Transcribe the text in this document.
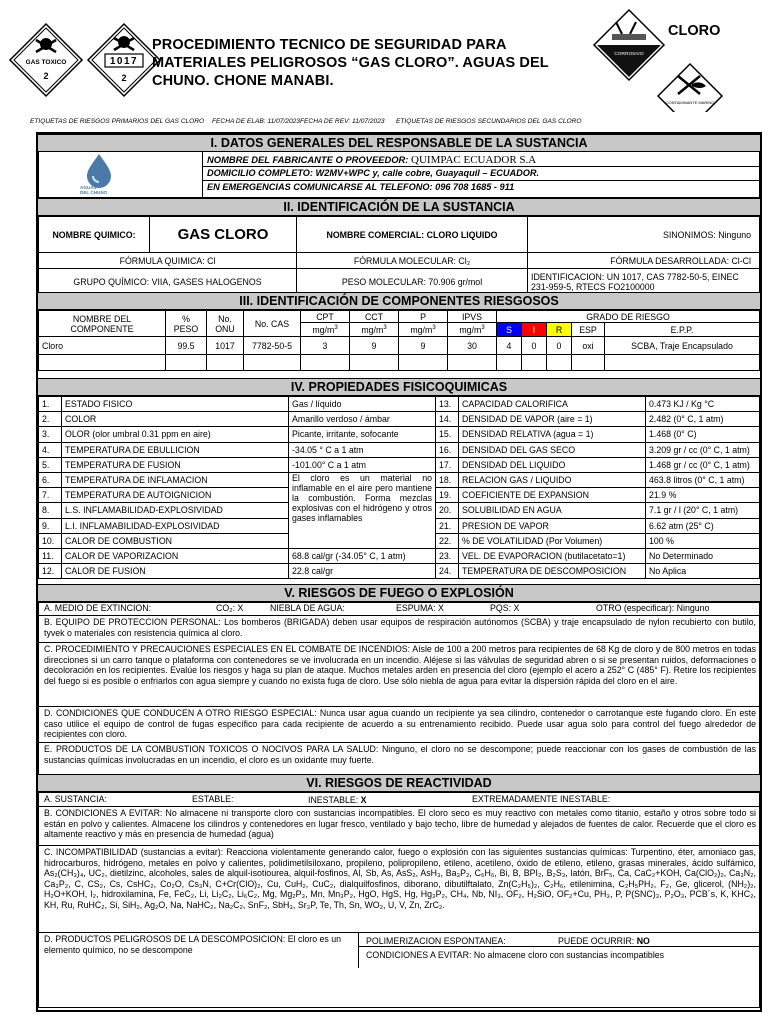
GAS TOXICO
2
1017
2
PROCEDIMIENTO TECNICO DE SEGURIDAD PARA MATERIALES PELIGROSOS “GAS CLORO”. AGUAS DEL CHUNO. CHONE MANABI.
CORROSIVO
CLORO
CONTAMINANTE MARINO
ETIQUETAS DE RIESGOS PRIMARIOS DEL GAS CLORO FECHA DE ELAB: 11/07/2023 FECHA DE REV: 11/07/2023 ETIQUETAS DE RIESGOS SECUNDARIOS DEL GAS CLORO
I. DATOS GENERALES DEL RESPONSABLE DE LA SUSTANCIA
AGUAS
DEL CHUNO
NOMBRE DEL FABRICANTE O PROVEEDOR: QUIMPAC ECUADOR S.A
DOMICILIO COMPLETO: W2MV+WPC y, calle cobre, Guayaquil – ECUADOR.
EN EMERGENCIAS COMUNICARSE AL TELEFONO: 096 708 1685 - 911
II. IDENTIFICACIÓN DE LA SUSTANCIA
NOMBRE QUIMICO:	GAS CLORO	NOMBRE COMERCIAL: CLORO LIQUIDO	SINONIMOS: Ninguno
FÓRMULA QUIMICA: Cl		FÓRMULA MOLECULAR: Cl₂	FÓRMULA DESARROLLADA: Cl-Cl
GRUPO QUÍMICO: VIIA, GASES HALOGENOS		PESO MOLECULAR: 70.906 gr/mol	IDENTIFICACION: UN 1017, CAS 7782-50-5, EINEC 231-959-5, RTECS FO2100000
III. IDENTIFICACIÓN DE COMPONENTES RIESGOSOS
NOMBRE DEL COMPONENTE	% PESO	No. ONU	No. CAS	CPT	CCT	P	IPVS	GRADO DE RIESGO				
				$mg/m^3$	$mg/m^3$	$mg/m^3$	$mg/m^3$	S	I	R	ESP	E.P.P.
Cloro	99.5	1017	7782-50-5	3	9	9	30	4	0	0	oxi	SCBA, Traje Encapsulado

IV. PROPIEDADES FISICOQUIMICAS
1.	ESTADO FISICO	Gas / líquido	13.	CAPACIDAD CALORIFICA	0.473 KJ / Kg °C
2.	COLOR	Amarillo verdoso / ámbar	14.	DENSIDAD DE VAPOR (aire = 1)	2.482 (0° C, 1 atm)
3.	OLOR (olor umbral 0.31 ppm en aire)	Picante, irritante, sofocante	15.	DENSIDAD RELATIVA (agua = 1)	1.468 (0° C)
4.	TEMPERATURA DE EBULLICION	-34.05 ° C a 1 atm	16.	DENSIDAD DEL GAS SECO	3.209 gr / cc (0° C, 1 atm)
5.	TEMPERATURA DE FUSION	-101.00° C a 1 atm	17.	DENSIDAD DEL LIQUIDO	1.468 gr / cc (0° C, 1 atm)
6.	TEMPERATURA DE INFLAMACION	El cloro es un material no inflamable en el aire pero mantiene la combustión. Forma mezclas explosivas con el hidrógeno y otros gases inflamables	18.	RELACION GAS / LIQUIDO	463.8 litros (0° C, 1 atm)
7.	TEMPERATURA DE AUTOIGNICION		19.	COEFICIENTE DE EXPANSION	21.9 %
8.	L.S. INFLAMABILIDAD-EXPLOSIVIDAD		20.	SOLUBILIDAD EN AGUA	7.1 gr / l (20° C, 1 atm)
9.	L.I. INFLAMABILIDAD-EXPLOSIVIDAD		21.	PRESION DE VAPOR	6.62 atm (25° C)
10.	CALOR DE COMBUSTION		22.	% DE VOLATILIDAD (Por Volumen)	100 %
11.	CALOR DE VAPORIZACION	68.8 cal/gr (-34.05° C, 1 atm)	23.	VEL. DE EVAPORACION (butilacetato=1)	No Determinado
12.	CALOR DE FUSION	22.8 cal/gr	24.	TEMPERATURA DE DESCOMPOSICION	No Aplica
V. RIESGOS DE FUEGO O EXPLOSIÓN
A. MEDIO DE EXTINCION:	CO₂: X	NIEBLA DE AGUA:	ESPUMA: X	PQS: X	OTRO (especificar): Ninguno
B. EQUIPO DE PROTECCION PERSONAL: Los bomberos (BRIGADA) deben usar equipos de respiración autónomos (SCBA) y traje encapsulado de nylon recubierto con butilo, tyvek o materiales con resistencia química al cloro.
C. PROCEDIMIENTO Y PRECAUCIONES ESPECIALES EN EL COMBATE DE INCENDIOS: Aísle de 100 a 200 metros para recipientes de 68 Kg de cloro y de 800 metros en todas direcciones si un carro tanque o plataforma con contenedores se ve involucrada en un incendio. Aléjese si las válvulas de seguridad abren o si se presentan ruidos, deformaciones o decoloración en los recipientes. Evalúe los riesgos y haga su plan de ataque. Muchos metales arden en presencia del cloro (ejemplo el acero a 252° C (485° F). Retire los recipientes del fuego si es posible o enfriarlos con agua siempre y cuando no exista fuga de cloro. Use sólo niebla de agua para evitar la dispersión rápida del cloro en el aire.
D. CONDICIONES QUE CONDUCEN A OTRO RIESGO ESPECIAL: Nunca usar agua cuando un recipiente ya sea cilindro, contenedor o carrotanque este fugando cloro. En este caso utilice el equipo de control de fugas específico para cada recipiente de acuerdo a su entrenamiento recibido. Puede usar agua solo para control del fuego alrededor de recipientes con cloro.
E. PRODUCTOS DE LA COMBUSTION TOXICOS O NOCIVOS PARA LA SALUD: Ninguno, el cloro no se descompone; puede reaccionar con los gases de combustión de las sustancias químicas involucradas en un incendio, el cloro es un oxidante muy fuerte.
VI. RIESGOS DE REACTIVIDAD
A. SUSTANCIA:	ESTABLE:	INESTABLE: X	EXTREMADAMENTE INESTABLE:
B. CONDICIONES A EVITAR: No almacene ni transporte cloro con sustancias incompatibles. El cloro seco es muy reactivo con metales como titanio, estaño y otros sobre todo si están en polvo y calientes. Almacene los cilindros y contenedores en lugar fresco, ventilado y bajo techo, libre de humedad y alejados de fuentes de calor. Recuerde que el cloro es altamente reactivo y más en presencia de humedad (agua)
C. INCOMPATIBILIDAD (sustancias a evitar): Reacciona violentamente generando calor, fuego o explosión con las siguientes sustancias químicas: Turpentino, éter, amoniaco gas, hidrocarburos, hidrógeno, metales en polvo y calientes, polidimetilsiloxano, propileno, polipropileno, etileno, acetileno, óxido de etileno, etileno, grasas minerales, ácido sulfámico, As₂(CH₃)₄, UC₂, dietilzinc, alcoholes, sales de alquil-isotiourea, alquil-fosfinos, Al, Sb, As, AsS₂, AsH₃, Ba₃P₂, C₆H₆, Bi, B, BPI₂, B₂S₃, latón, BrF₅, Ca, CaC₂+KOH, Ca(ClO₂)₂, Ca₃N₂, Ca₃P₂, C, CS₂, Cs, CsHC₂, Co₂O, Cs₃N, C+Cr(ClO)₂, Cu, CuH₂, CuC₂, dialquilfosfinos, diborano, dibutilftalato, Zn(C₂H₅)₂, C₂H₆, etilenimina, C₂H₅PH₂, F₂, Ge, glicerol, (NH₂)₂, H₂O+KOH, I₂, hidroxilamina, Fe, FeC₂, Li, Li₂C₂, Li₆C₂, Mg, Mg₂P₃, Mn, Mn₃P₂, HgO, HgS, Hg, Hg₃P₂, CH₄, Nb, NI₃, OF₂, H₂SiO, OF₂+Cu, PH₃, P, P(SNC)₃, P₂O₃, PCB´s, K, KHC₂, KH, Ru, RuHC₂, Si, SiH₂, Ag₂O, Na, NaHC₂, Na₂C₂, SnF₂, SbH₃, Sr₃P, Te, Th, Sn, WO₂, U, V, Zn, ZrC₂.
D. PRODUCTOS PELIGROSOS DE LA DESCOMPOSICION: El cloro es un elemento químico, no se descompone
POLIMERIZACION ESPONTANEA:	PUEDE OCURRIR: NO
CONDICIONES A EVITAR: No almacene cloro con sustancias incompatibles
